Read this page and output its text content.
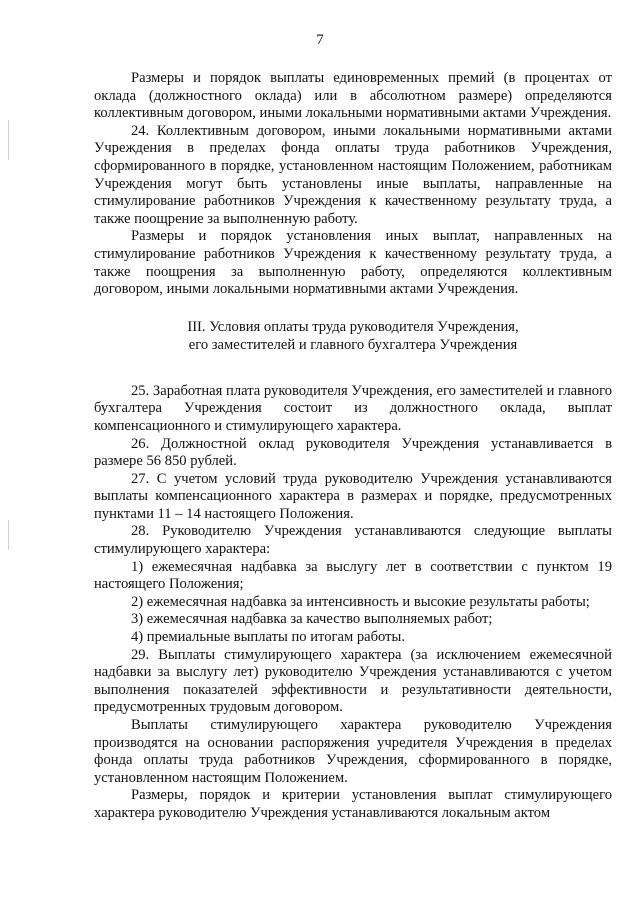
7

Размеры и порядок выплаты единовременных премий (в процентах от оклада (должностного оклада) или в абсолютном размере) определяются коллективным договором, иными локальными нормативными актами Учреждения.

24. Коллективным договором, иными локальными нормативными актами Учреждения в пределах фонда оплаты труда работников Учреждения, сформированного в порядке, установленном настоящим Положением, работникам Учреждения могут быть установлены иные выплаты, направленные на стимулирование работников Учреждения к качественному результату труда, а также поощрение за выполненную работу.

Размеры и порядок установления иных выплат, направленных на стимулирование работников Учреждения к качественному результату труда, а также поощрения за выполненную работу, определяются коллективным договором, иными локальными нормативными актами Учреждения.

III. Условия оплаты труда руководителя Учреждения,
его заместителей и главного бухгалтера Учреждения

25. Заработная плата руководителя Учреждения, его заместителей и главного бухгалтера Учреждения состоит из должностного оклада, выплат компенсационного и стимулирующего характера.

26. Должностной оклад руководителя Учреждения устанавливается в размере 56 850 рублей.

27. С учетом условий труда руководителю Учреждения устанавливаются выплаты компенсационного характера в размерах и порядке, предусмотренных пунктами 11 – 14 настоящего Положения.

28. Руководителю Учреждения устанавливаются следующие выплаты стимулирующего характера:

1) ежемесячная надбавка за выслугу лет в соответствии с пунктом 19 настоящего Положения;

2) ежемесячная надбавка за интенсивность и высокие результаты работы;

3) ежемесячная надбавка за качество выполняемых работ;

4) премиальные выплаты по итогам работы.

29. Выплаты стимулирующего характера (за исключением ежемесячной надбавки за выслугу лет) руководителю Учреждения устанавливаются с учетом выполнения показателей эффективности и результативности деятельности, предусмотренных трудовым договором.

Выплаты стимулирующего характера руководителю Учреждения производятся на основании распоряжения учредителя Учреждения в пределах фонда оплаты труда работников Учреждения, сформированного в порядке, установленном настоящим Положением.

Размеры, порядок и критерии установления выплат стимулирующего характера руководителю Учреждения устанавливаются локальным актом
